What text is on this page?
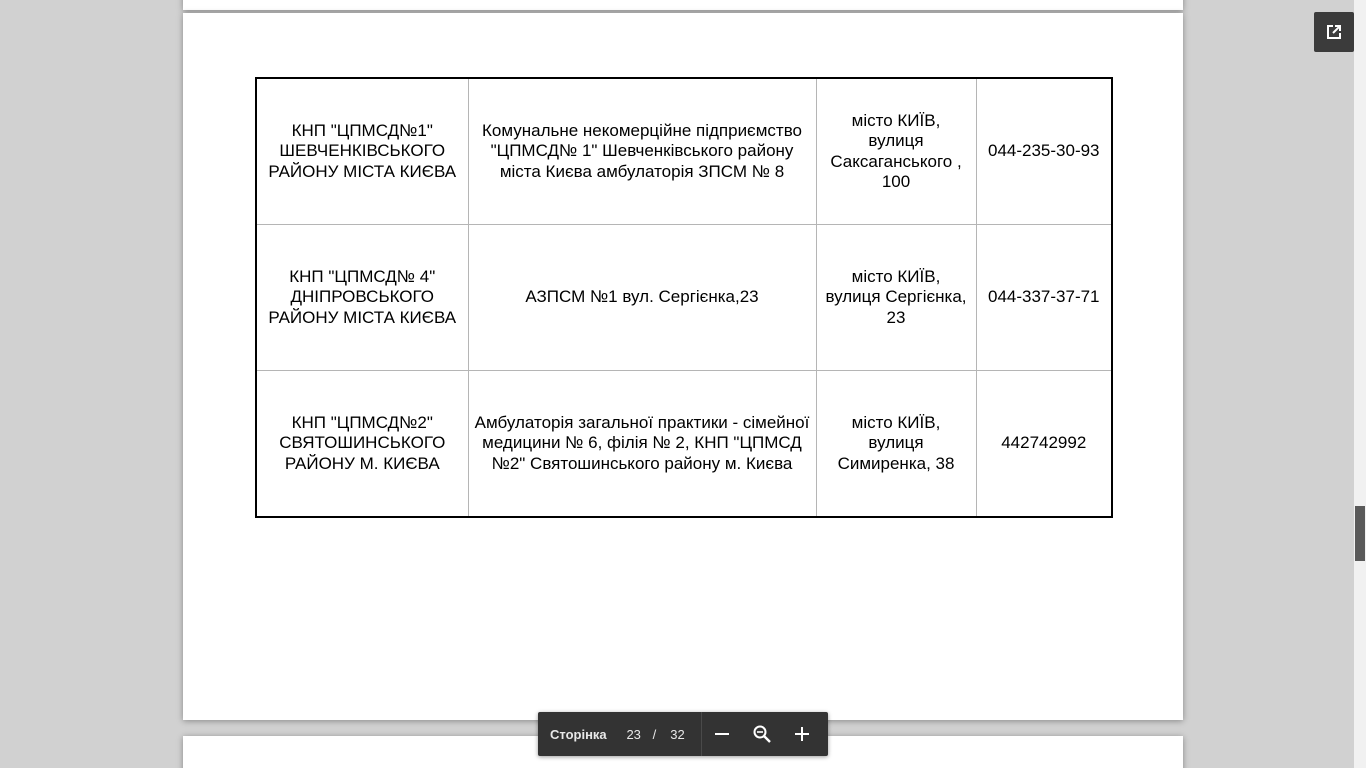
КНП "ЦПМСД№1" ШЕВЧЕНКІВСЬКОГО РАЙОНУ МІСТА КИЄВА	Комунальне некомерційне підприємство "ЦПМСД№ 1" Шевченківського району міста Києва амбулаторія ЗПСМ № 8	місто КИЇВ, вулиця Саксаганського , 100	044-235-30-93
КНП "ЦПМСД№ 4" ДНІПРОВСЬКОГО РАЙОНУ МІСТА КИЄВА	АЗПСМ №1 вул. Сергієнка,23	місто КИЇВ, вулиця Сергієнка, 23	044-337-37-71
КНП "ЦПМСД№2" СВЯТОШИНСЬКОГО РАЙОНУ М. КИЄВА	Амбулаторія загальної практики - сімейної медицини № 6, філія № 2, КНП "ЦПМСД №2" Святошинського району м. Києва	місто КИЇВ, вулиця Симиренка, 38	442742992
Сторінка 23 / 32
